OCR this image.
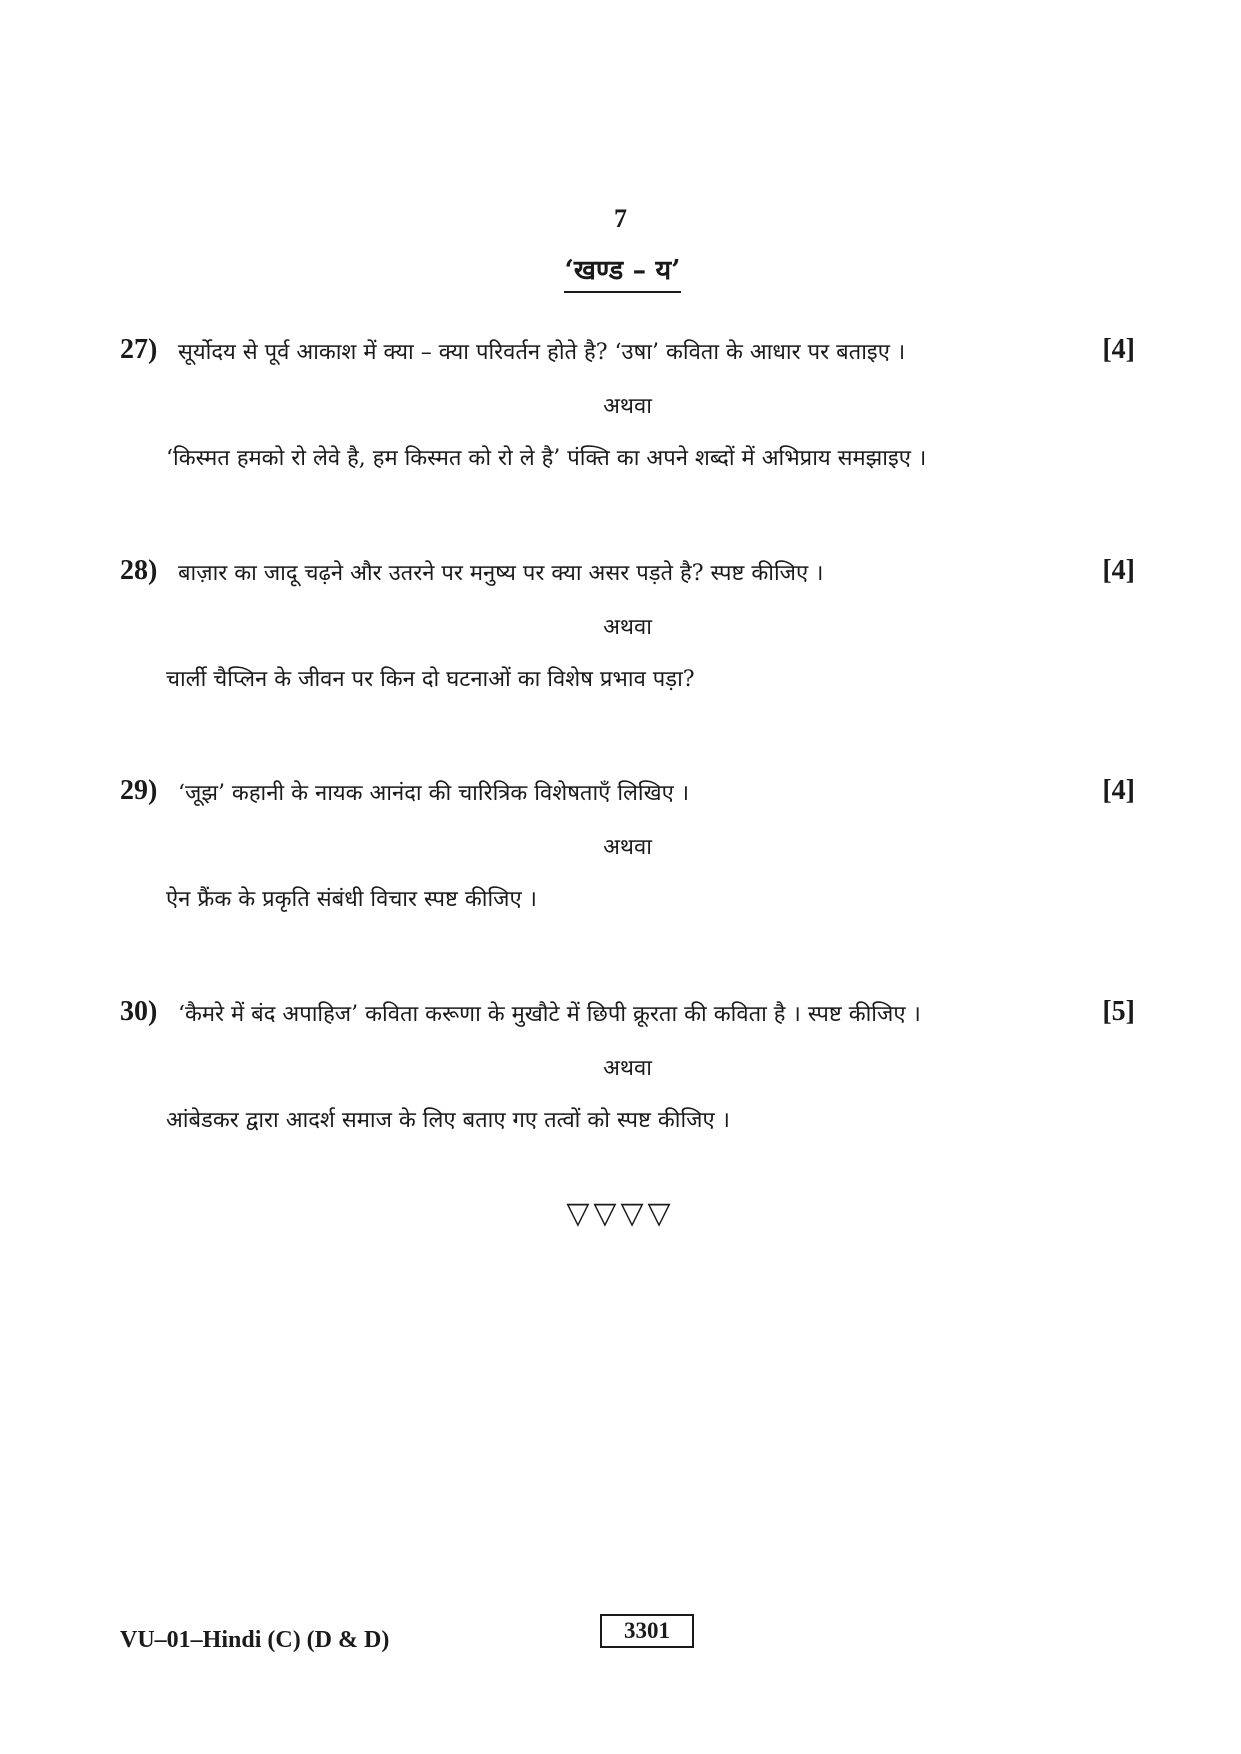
7
‘खण्ड – य’
27) सूर्योदय से पूर्व आकाश में क्या – क्या परिवर्तन होते है? ‘उषा’ कविता के आधार पर बताइए ।	[4]
अथवा
‘किस्मत हमको रो लेवे है, हम किस्मत को रो ले है’ पंक्ति का अपने शब्दों में अभिप्राय समझाइए ।
28) बाज़ार का जादू चढ़ने और उतरने पर मनुष्य पर क्या असर पड़ते है? स्पष्ट कीजिए ।	[4]
अथवा
चार्ली चैप्लिन के जीवन पर किन दो घटनाओं का विशेष प्रभाव पड़ा?
29) ‘जूझ’ कहानी के नायक आनंदा की चारित्रिक विशेषताएँ लिखिए ।	[4]
अथवा
ऐन फ्रैंक के प्रकृति संबंधी विचार स्पष्ट कीजिए ।
30) ‘कैमरे में बंद अपाहिज’ कविता करूणा के मुखौटे में छिपी क्रूरता की कविता है । स्पष्ट कीजिए ।	[5]
अथवा
आंबेडकर द्वारा आदर्श समाज के लिए बताए गए तत्वों को स्पष्ट कीजिए ।
▽▽▽▽
VU–01–Hindi (C) (D & D)	3301
